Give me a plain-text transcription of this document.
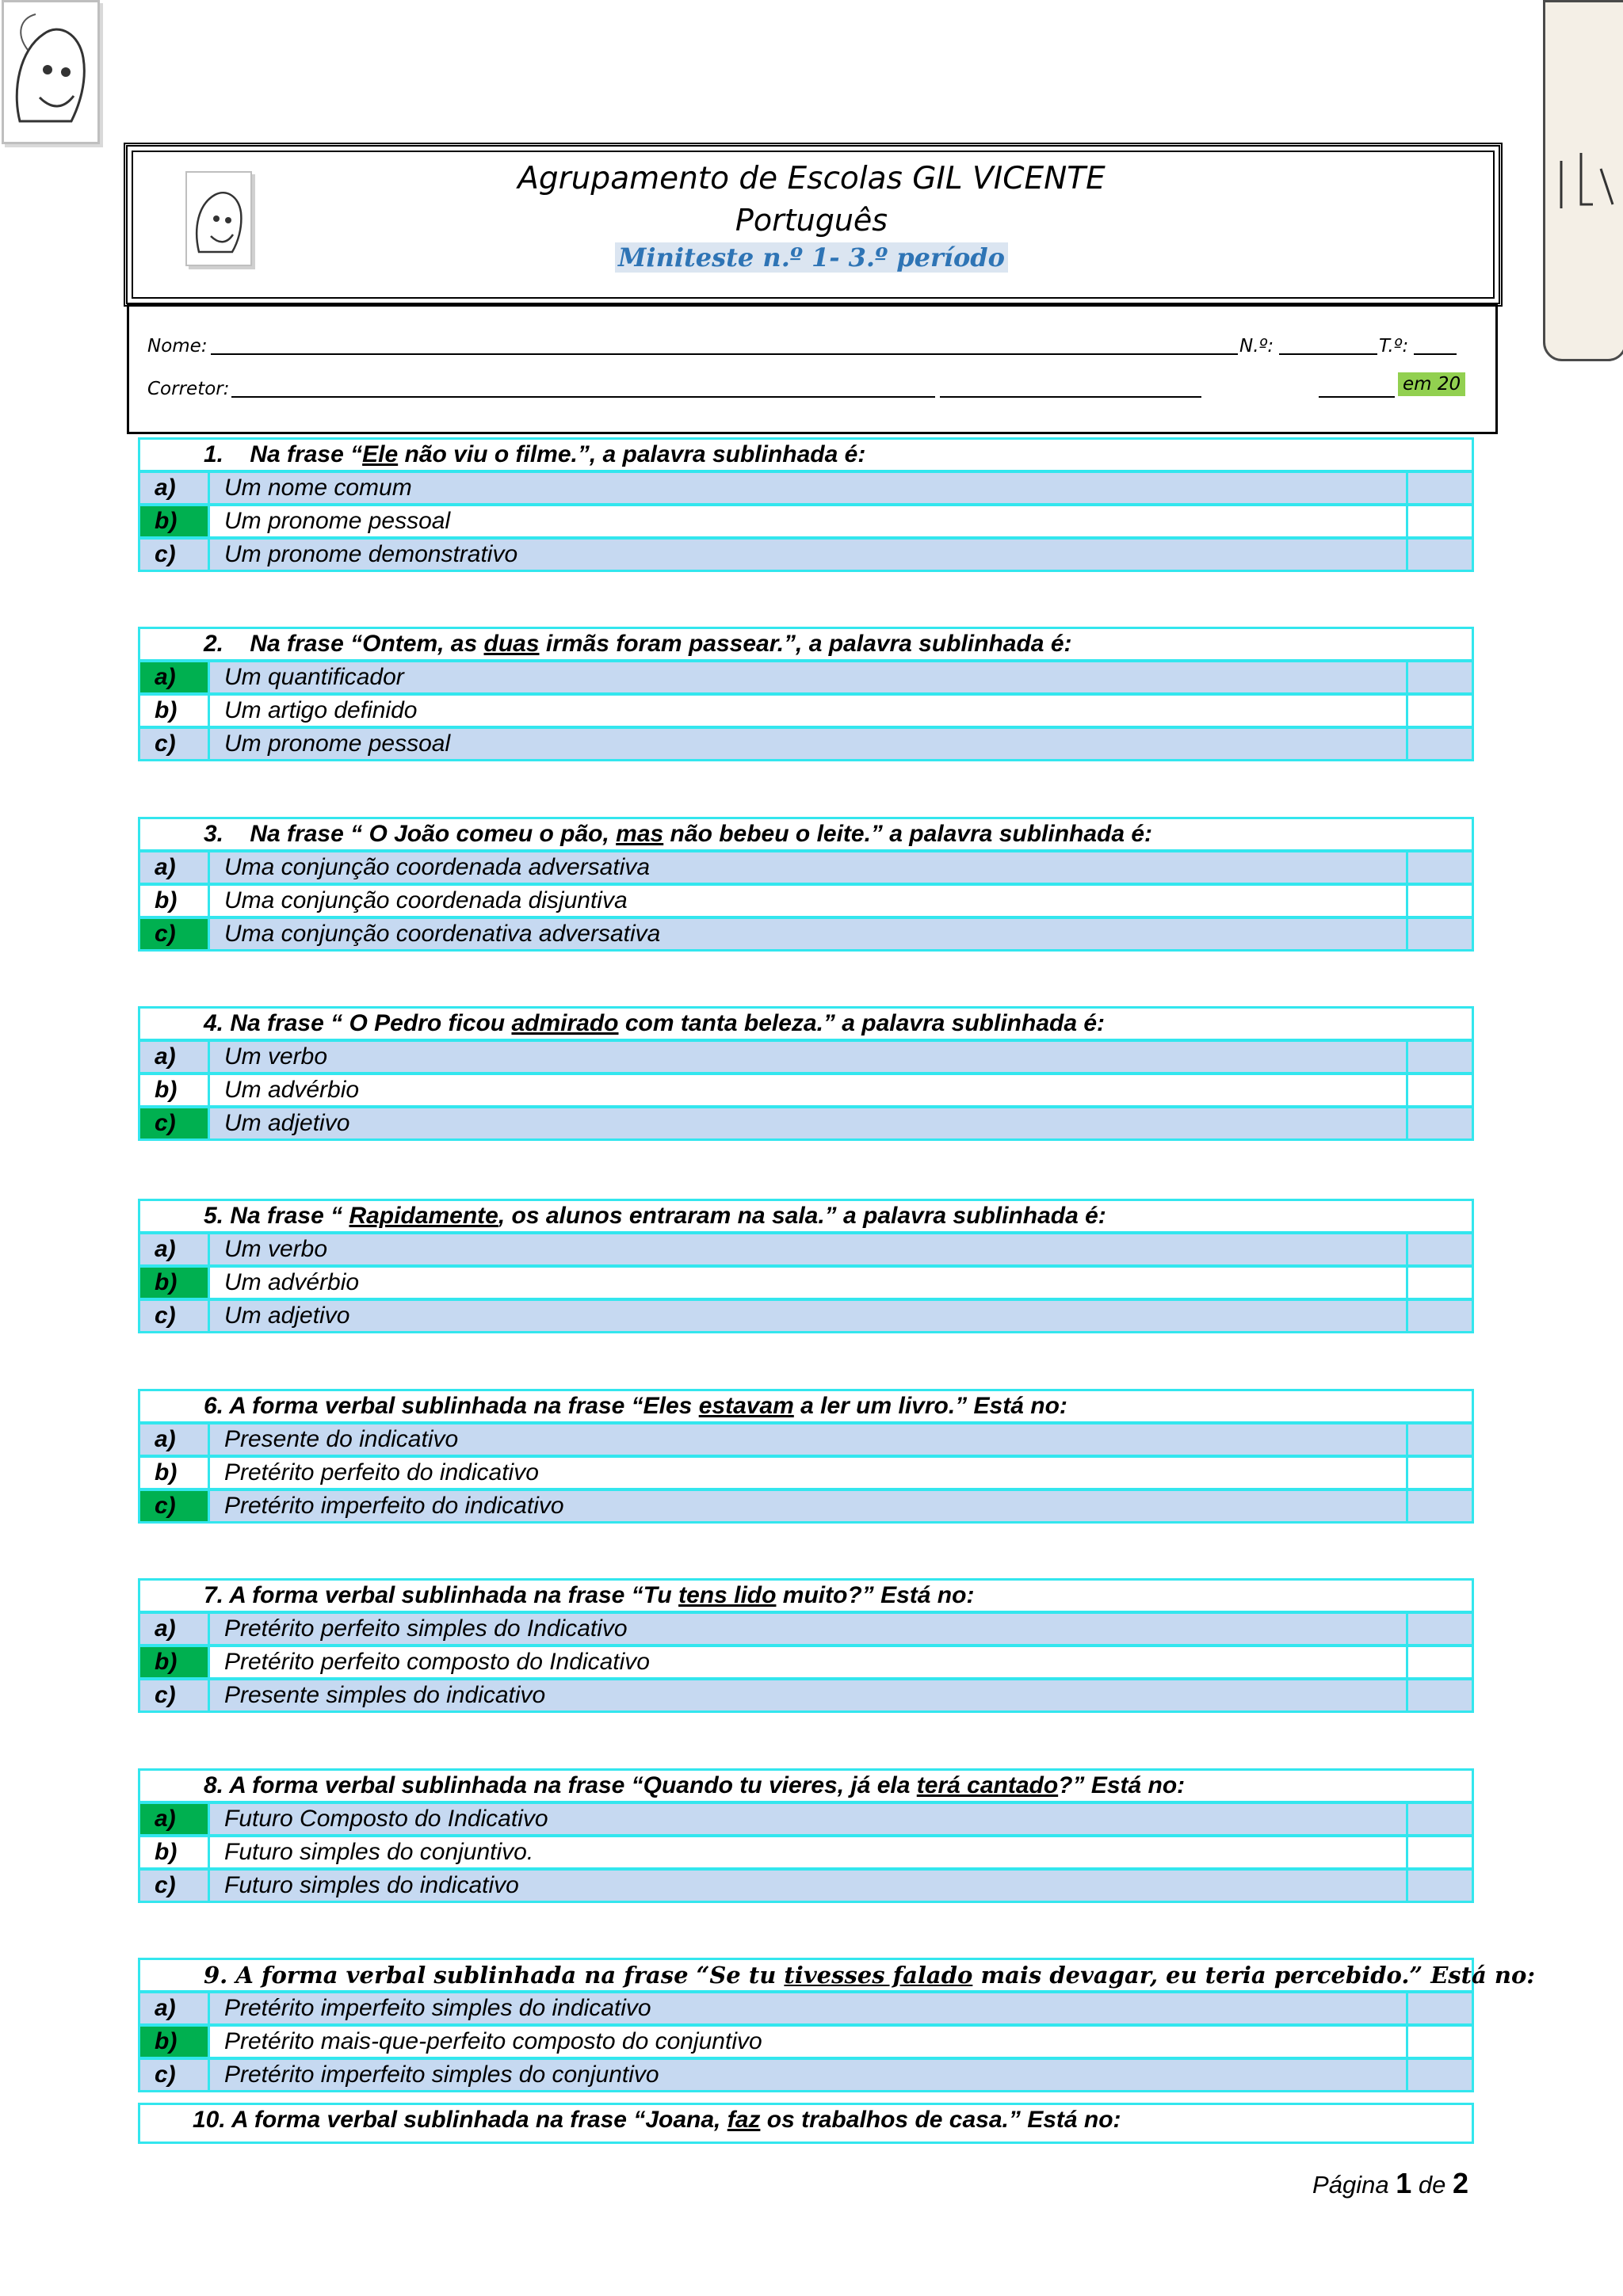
Agrupamento de Escolas GIL VICENTE
Português
Miniteste n.º 1- 3.º período
Nome:	N.º:	T.º:
Corretor:	em 20
1. Na frase “Ele não viu o filme.”, a palavra sublinhada é:
a)	Um nome comum
b)	Um pronome pessoal
c)	Um pronome demonstrativo
2. Na frase “Ontem, as duas irmãs foram passear.”, a palavra sublinhada é:
a)	Um quantificador
b)	Um artigo definido
c)	Um pronome pessoal
3. Na frase “ O João comeu o pão, mas não bebeu o leite.” a palavra sublinhada é:
a)	Uma conjunção coordenada adversativa
b)	Uma conjunção coordenada disjuntiva
c)	Uma conjunção coordenativa adversativa
4. Na frase “ O Pedro ficou admirado com tanta beleza.” a palavra sublinhada é:
a)	Um verbo
b)	Um advérbio
c)	Um adjetivo
5. Na frase “ Rapidamente, os alunos entraram na sala.” a palavra sublinhada é:
a)	Um verbo
b)	Um advérbio
c)	Um adjetivo
6. A forma verbal sublinhada na frase “Eles estavam a ler um livro.” Está no:
a)	Presente do indicativo
b)	Pretérito perfeito do indicativo
c)	Pretérito imperfeito do indicativo
7. A forma verbal sublinhada na frase “Tu tens lido muito?” Está no:
a)	Pretérito perfeito simples do Indicativo
b)	Pretérito perfeito composto do Indicativo
c)	Presente simples do indicativo
8. A forma verbal sublinhada na frase “Quando tu vieres, já ela terá cantado?” Está no:
a)	Futuro Composto do Indicativo
b)	Futuro simples do conjuntivo.
c)	Futuro simples do indicativo
9. A forma verbal sublinhada na frase “Se tu tivesses falado mais devagar, eu teria percebido.” Está no:
a)	Pretérito imperfeito simples do indicativo
b)	Pretérito mais-que-perfeito composto do conjuntivo
c)	Pretérito imperfeito simples do conjuntivo
10. A forma verbal sublinhada na frase “Joana, faz os trabalhos de casa.” Está no:
Página 1 de 2
